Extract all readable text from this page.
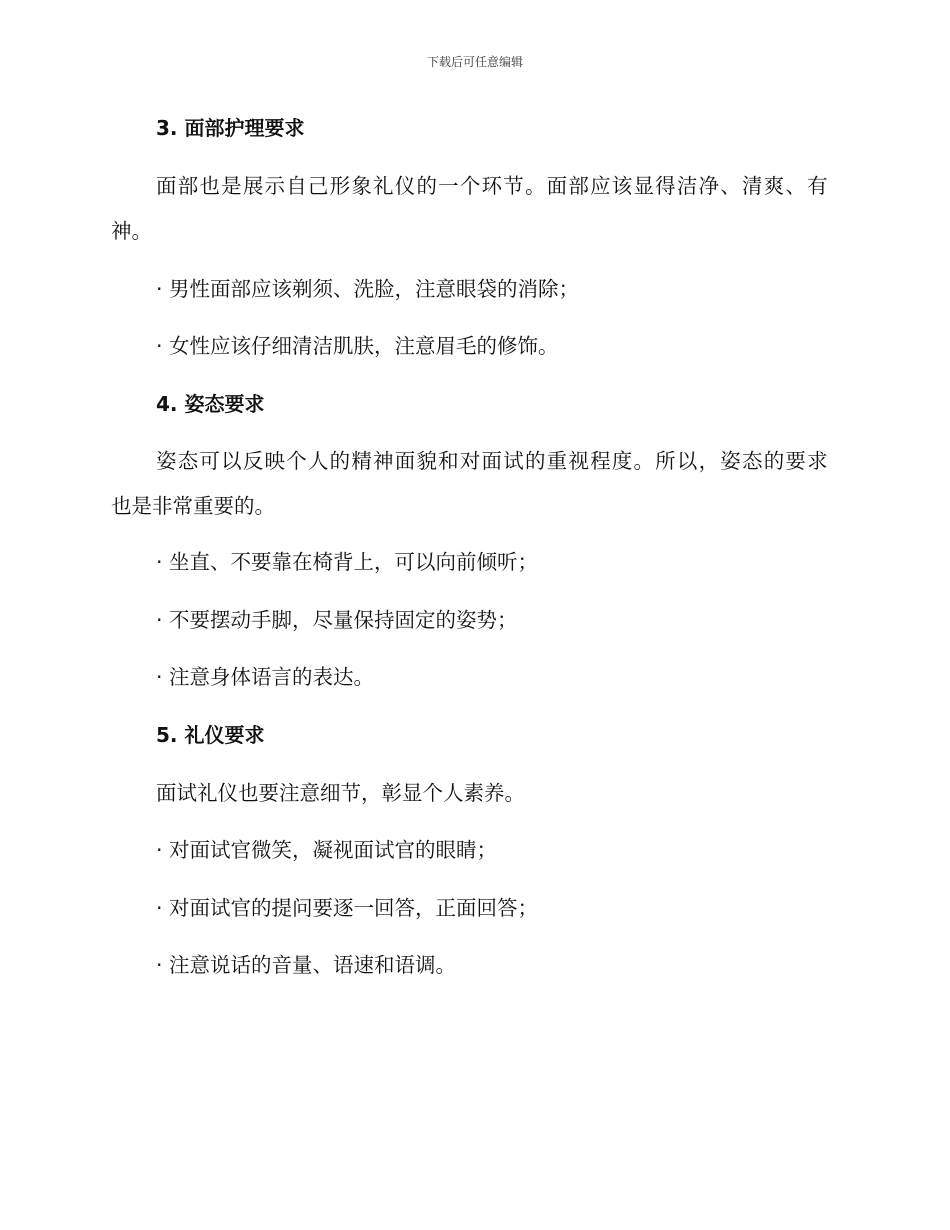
下载后可任意编辑
3. 面部护理要求
面 部 也 是 展 示 自 己 形 象 礼 仪 的 一 个 环 节 。 面 部 应 该 显 得 洁 净 、 清 爽 、 有
神。
· 男性面部应该剃须、洗脸，注意眼袋的消除；
· 女性应该仔细清洁肌肤，注意眉毛的修饰。
4. 姿态要求
姿 态 可 以 反 映 个 人 的 精 神 面 貌 和 对 面 试 的 重 视 程 度 。 所 以 ， 姿 态 的 要 求
也是非常重要的。
· 坐直、不要靠在椅背上，可以向前倾听；
· 不要摆动手脚，尽量保持固定的姿势；
· 注意身体语言的表达。
5. 礼仪要求
面试礼仪也要注意细节，彰显个人素养。
· 对面试官微笑，凝视面试官的眼睛；
· 对面试官的提问要逐一回答，正面回答；
· 注意说话的音量、语速和语调。
